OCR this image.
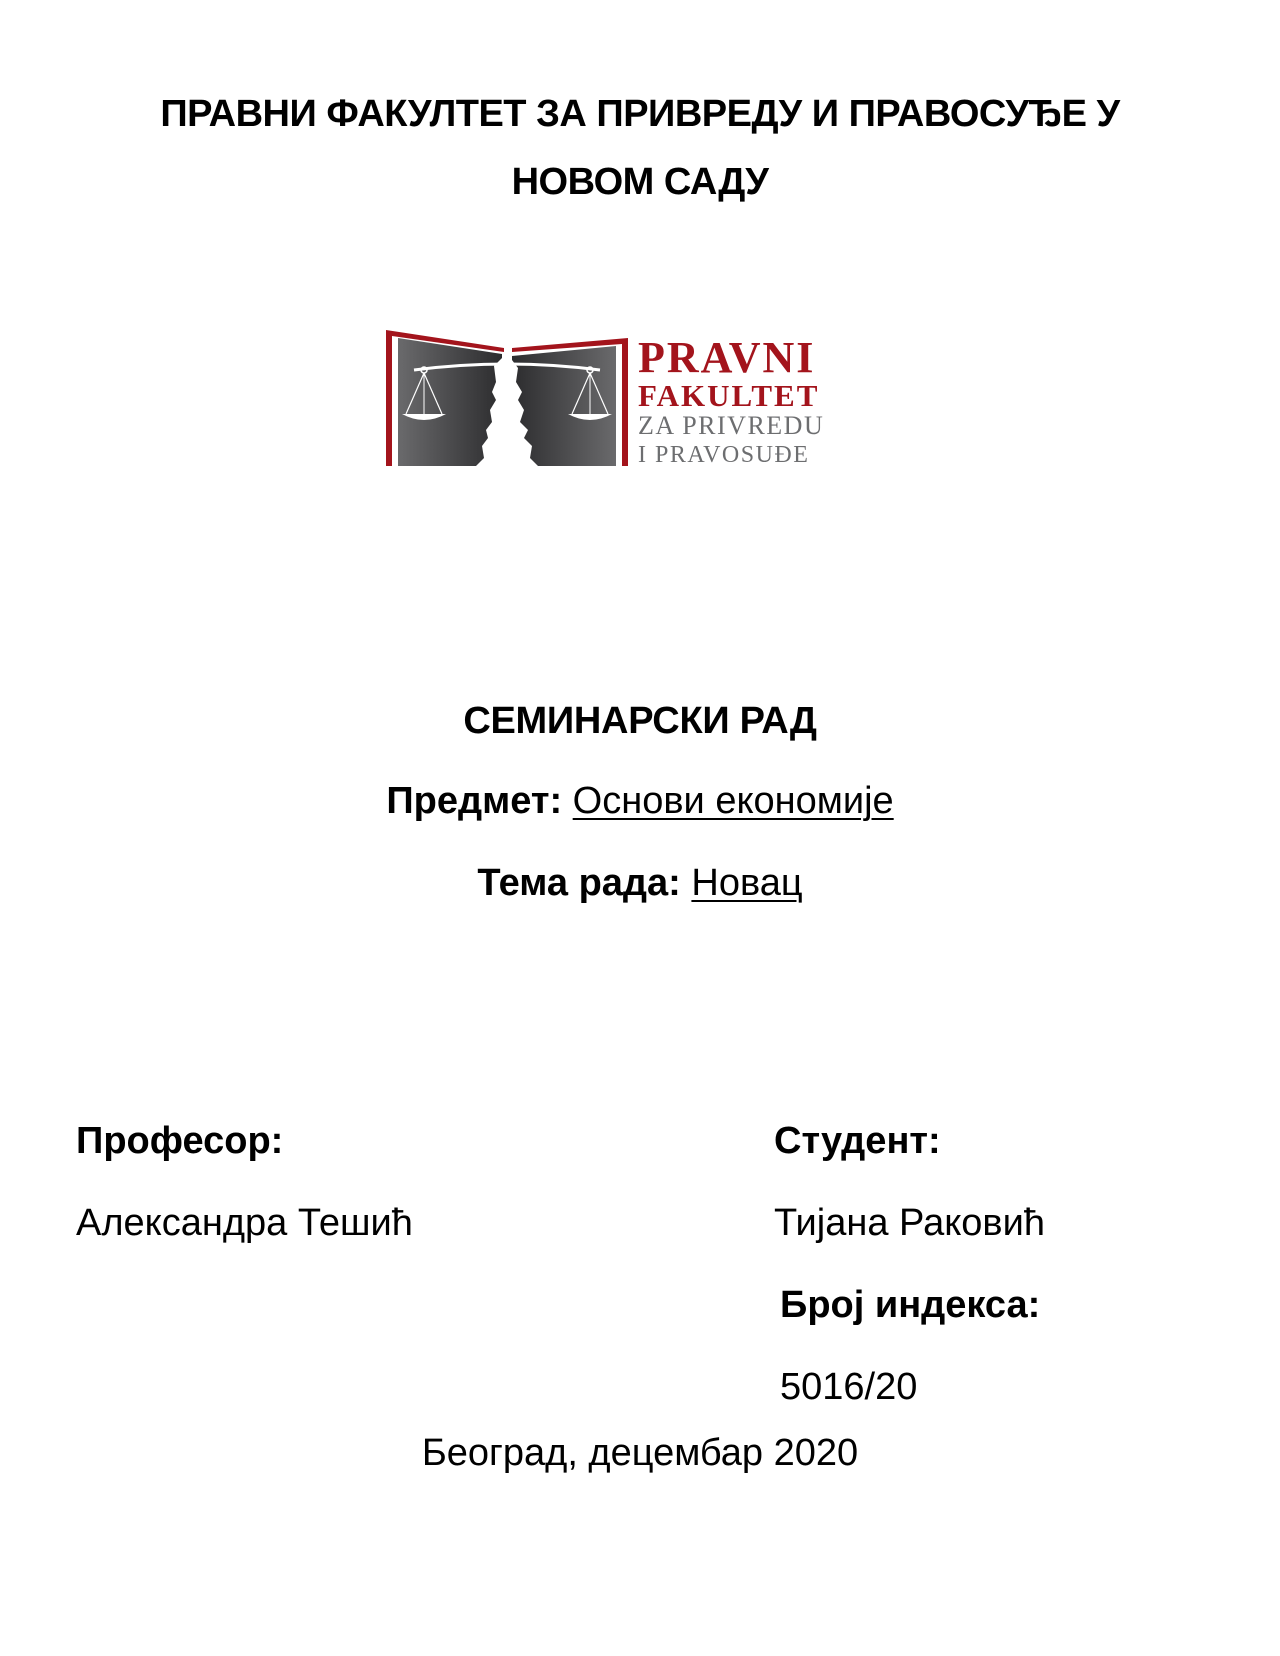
ПРАВНИ ФАКУЛТЕТ ЗА ПРИВРЕДУ И ПРАВОСУЂЕ У
НОВОМ САДУ
PRAVNI
FAKULTET
ZA PRIVREDU
I PRAVOSUĐE
СЕМИНАРСКИ РАД
Предмет: Основи економије
Тема рада: Новац
Професор:
Александра Тешић
Студент:
Тијана Раковић
Број индекса:
5016/20
Београд, децембар 2020
